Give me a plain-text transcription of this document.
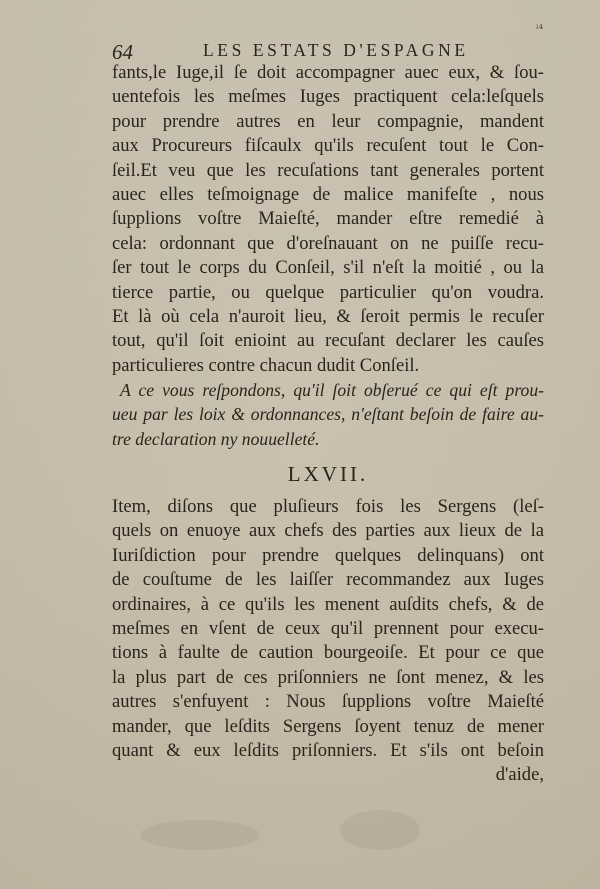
ⁱ⁴
64	LES ESTATS D'ESPAGNE
fants,le Iuge,il ſe doit accompagner auec eux, & ſou-
uentefois les meſmes Iuges practiquent cela:leſquels
pour prendre autres en leur compagnie, mandent
aux Procureurs fiſcaulx qu'ils recuſent tout le Con-
ſeil.Et veu que les recuſations tant generales portent
auec elles teſmoignage de malice manifeſte , nous
ſupplions voſtre Maieſté, mander eſtre remedié à
cela: ordonnant que d'oreſnauant on ne puiſſe recu-
ſer tout le corps du Conſeil, s'il n'eſt la moitié , ou la
tierce partie, ou quelque particulier qu'on voudra.
Et là où cela n'auroit lieu, & ſeroit permis le recuſer
tout, qu'il ſoit enioint au recuſant declarer les cauſes
particulieres contre chacun dudit Conſeil.
A ce vous reſpondons, qu'il ſoit obſerué ce qui eſt prou-
ueu par les loix & ordonnances, n'eſtant beſoin de faire au-
tre declaration ny nouuelleté.
LXVII.
Item, diſons que pluſieurs fois les Sergens (leſ-
quels on enuoye aux chefs des parties aux lieux de la
Iuriſdiction pour prendre quelques delinquans) ont
de couſtume de les laiſſer recommandez aux Iuges
ordinaires, à ce qu'ils les menent auſdits chefs, & de
meſmes en vſent de ceux qu'il prennent pour execu-
tions à faulte de caution bourgeoiſe. Et pour ce que
la plus part de ces priſonniers ne ſont menez, & les
autres s'enfuyent : Nous ſupplions voſtre Maieſté
mander, que leſdits Sergens ſoyent tenuz de mener
quant & eux leſdits priſonniers. Et s'ils ont beſoin
d'aide,
